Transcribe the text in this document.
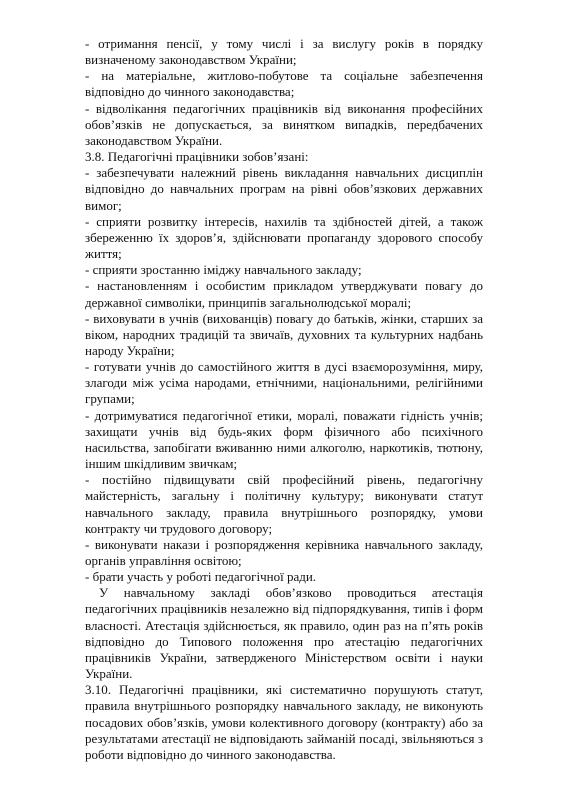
- отримання пенсії, у тому числі і за вислугу років в порядку визначеному законодавством України;

- на матеріальне, житлово-побутове та соціальне забезпечення відповідно до чинного законодавства;

- відволікання педагогічних працівників від виконання професійних обов’язків не допускається, за винятком випадків, передбачених законодавством України.

3.8. Педагогічні працівники зобов’язані:

- забезпечувати належний рівень викладання навчальних дисциплін відповідно до навчальних програм на рівні обов’язкових державних вимог;

- сприяти розвитку інтересів, нахилів та здібностей дітей, а також збереженню їх здоров’я, здійснювати пропаганду здорового способу життя;

- сприяти зростанню іміджу навчального закладу;

- настановленням і особистим прикладом утверджувати повагу до державної символіки, принципів загальнолюдської моралі;

- виховувати в учнів (вихованців) повагу до батьків, жінки, старших за віком, народних традицій та звичаїв, духовних та культурних надбань народу України;

- готувати учнів до самостійного життя в дусі взаєморозуміння, миру, злагоди між усіма народами, етнічними, національними, релігійними групами;

- дотримуватися педагогічної етики, моралі, поважати гідність учнів; захищати учнів від будь-яких форм фізичного або психічного насильства, запобігати вживанню ними алкоголю, наркотиків, тютюну, іншим шкідливим звичкам;

- постійно підвищувати свій професійний рівень, педагогічну майстерність, загальну і політичну культуру; виконувати статут навчального закладу, правила внутрішнього розпорядку, умови контракту чи трудового договору;

- виконувати накази і розпорядження керівника навчального закладу, органів управління освітою;

- брати участь у роботі педагогічної ради.

У навчальному закладі обов’язково проводиться атестація педагогічних працівників незалежно від підпорядкування, типів і форм власності. Атестація здійснюється, як правило, один раз на п’ять років відповідно до Типового положення про атестацію педагогічних працівників України, затвердженого Міністерством освіти і науки України.

3.10. Педагогічні працівники, які систематично порушують статут, правила внутрішнього розпорядку навчального закладу, не виконують посадових обов’язків, умови колективного договору (контракту) або за результатами атестації не відповідають займаній посаді, звільняються з роботи відповідно до чинного законодавства.
